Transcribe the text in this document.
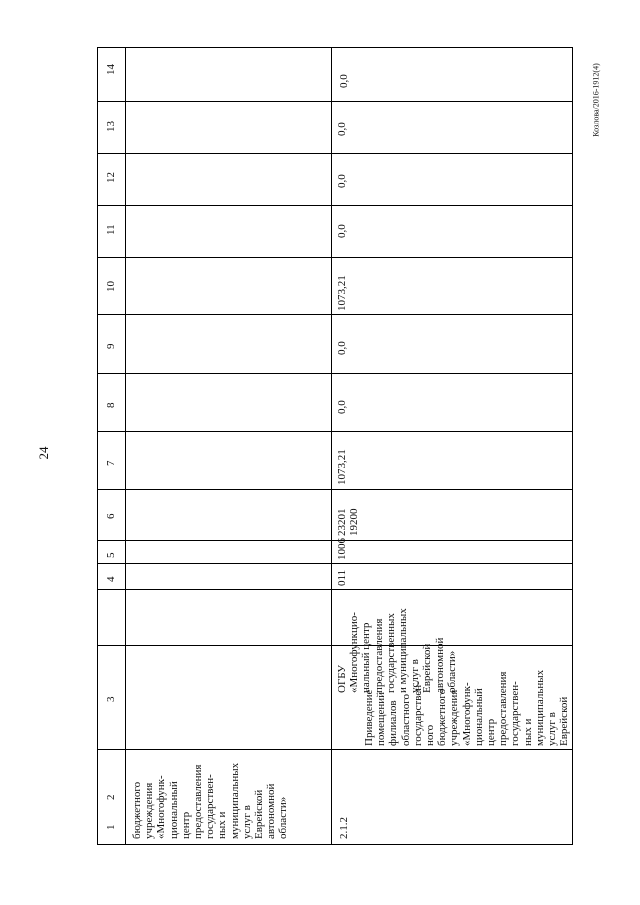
24
Козлова/2016-1912(4)
14
13
12
11
10
9
8
7
6
5
4
3
2
1 бюджетного
учреждения
«Многофунк-
циональный
центр
предоставления
государствен-
ных и
муниципальных
услуг в
Еврейской
автономной
области»
0,0
2.1.2
Приведение
помещений
филиалов
областного
государствен-
ного
бюджетного
учреждения
«Многофунк-
циональный
центр
предоставления
государствен-
ных и
муниципальных
услуг в
Еврейской
ОГБУ
«Многофункцио-
нальный центр
предоставления
государственных
и муниципальных
услуг в
Еврейской
автономной
области»
011
1006
23201
19200
1073,21
0,0
0,0
1073,21
0,0
0,0
0,0
